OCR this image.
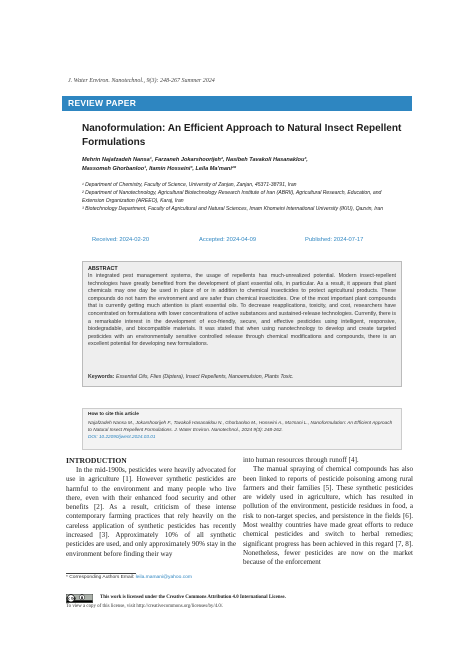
J. Water Environ. Nanotechnol., 9(3): 248-267 Summer 2024
REVIEW PAPER
Nanoformulation: An Efficient Approach to Natural Insect Repellent Formulations
Mehrin Najafzadeh Nansa¹, Farzaneh Jokarshoorijeh², Nasibeh Tavakoli Hasanaklou³,
Massomeh Ghorbanloo¹, Itamin Hosseini³, Leila Ma'mani²*
¹ Department of Chemistry, Faculty of Science, University of Zanjan, Zanjan, 45371-38791, Iran
² Department of Nanotechnology, Agricultural Biotechnology Research Institute of Iran (ABRII), Agricultural Research, Education, and Extension Organization (AREEO), Karaj, Iran
³ Biotechnology Department, Faculty of Agricultural and Natural Sciences, Imam Khomeini International University (IKIU), Qazvin, Iran
Received: 2024-02-20	Accepted: 2024-04-09	Published: 2024-07-17
ABSTRACT
In integrated pest management systems, the usage of repellents has much-unrealized potential. Modern insect-repellent technologies have greatly benefited from the development of plant essential oils, in particular. As a result, it appears that plant chemicals may one day be used in place of or in addition to chemical insecticides to protect agricultural products. These compounds do not harm the environment and are safer than chemical insecticides. One of the most important plant compounds that is currently getting much attention is plant essential oils. To decrease reapplications, toxicity, and cost, researchers have concentrated on formulations with lower concentrations of active substances and sustained-release technologies. Currently, there is a remarkable interest in the development of eco-friendly, secure, and effective pesticides using intelligent, responsive, biodegradable, and biocompatible materials. It was stated that when using nanotechnology to develop and create targeted pesticides with an environmentally sensitive controlled release through chemical modifications and compounds, there is an excellent potential for developing new formulations.
Keywords: Essential Oils, Flies (Diptera), Insect Repellents, Nanoemulsion, Plants Toxic.
How to cite this article
Najafzadeh Nansa M., Jokarshoorijeh F., Tavakoli Hasanaklou N., Ghorbanloo M., Hosseini A., Ma'mani L., Nanoformulation: An Efficient Approach to Natural Insect Repellent Formulations. J. Water Environ. Nanotechnol., 2024 9(3): 248-262.
DOI: 10.22090/jwent.2024.03.01
INTRODUCTION

In the mid-1900s, pesticides were heavily advocated for use in agriculture [1]. However synthetic pesticides are harmful to the environment and many people who live there, even with their enhanced food security and other benefits [2]. As a result, criticism of these intense contemporary farming practices that rely heavily on the careless application of synthetic pesticides has recently increased [3]. Approximately 10% of all synthetic pesticides are used, and only approximately 90% stay in the environment before finding their way

into human resources through runoff [4].

The manual spraying of chemical compounds has also been linked to reports of pesticide poisoning among rural farmers and their families [5]. These synthetic pesticides are widely used in agriculture, which has resulted in pollution of the environment, pesticide residues in food, a risk to non-target species, and persistence in the fields [6]. Most wealthy countries have made great efforts to reduce chemical pesticides and switch to herbal remedies; significant progress has been achieved in this regard [7, 8]. Nonetheless, fewer pesticides are now on the market because of the enforcement

* Corresponding Authors Email: leila.mamani@yahoo.com
cc by	This work is licensed under the Creative Commons Attribution 4.0 International License.
To view a copy of this license, visit http://creativecommons.org/licenses/by/4.0/.
